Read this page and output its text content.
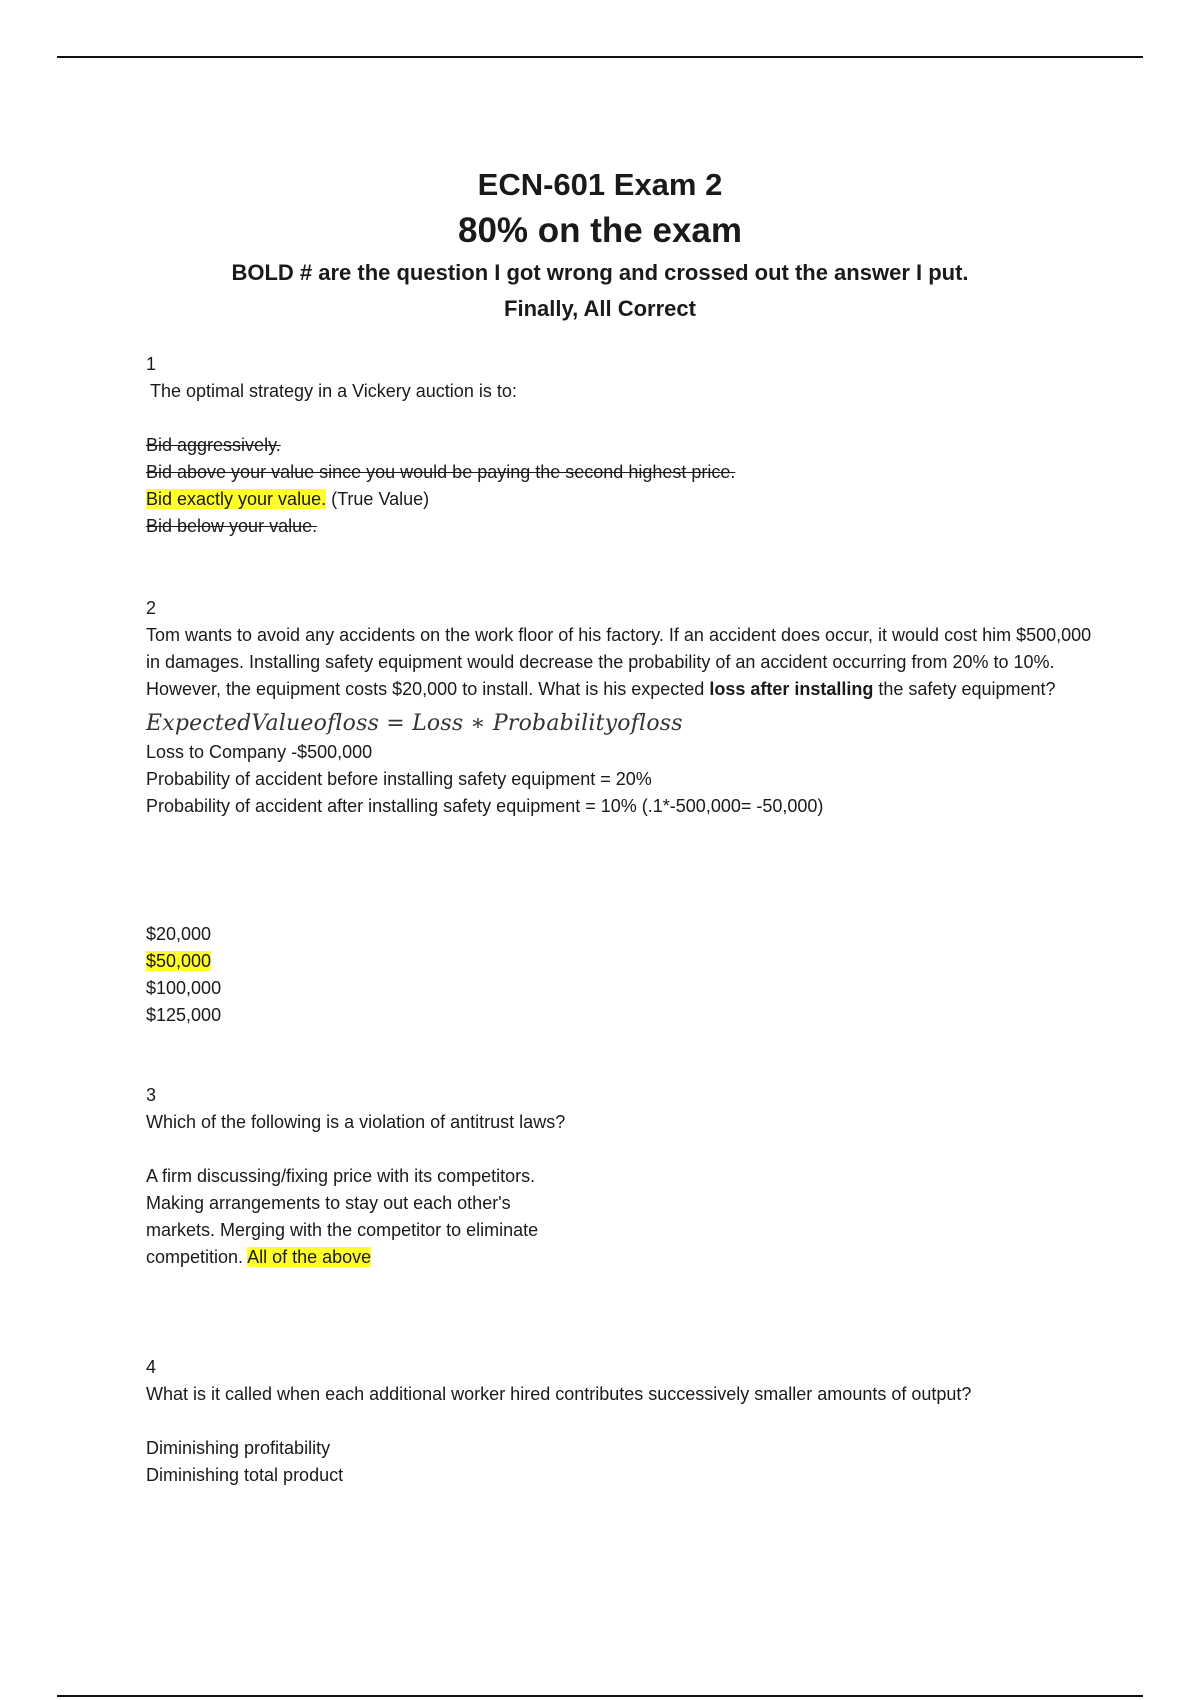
ECN-601 Exam 2
80% on the exam
BOLD # are the question I got wrong and crossed out the answer I put.
Finally, All Correct
1
The optimal strategy in a Vickery auction is to:
Bid aggressively.
Bid above your value since you would be paying the second highest price.
Bid exactly your value. (True Value)
Bid below your value.
2
Tom wants to avoid any accidents on the work floor of his factory. If an accident does occur, it would cost him $500,000 in damages. Installing safety equipment would decrease the probability of an accident occurring from 20% to 10%. However, the equipment costs $20,000 to install. What is his expected loss after installing the safety equipment?
ExpectedValueofloss = Loss ∗ Probabilityofloss
Loss to Company -$500,000
Probability of accident before installing safety equipment = 20%
Probability of accident after installing safety equipment = 10% (.1*-500,000= -50,000)
$20,000
$50,000
$100,000
$125,000
3
Which of the following is a violation of antitrust laws?
A firm discussing/fixing price with its competitors.
Making arrangements to stay out each other's
markets. Merging with the competitor to eliminate
competition. All of the above
4
What is it called when each additional worker hired contributes successively smaller amounts of output?
Diminishing profitability
Diminishing total product
